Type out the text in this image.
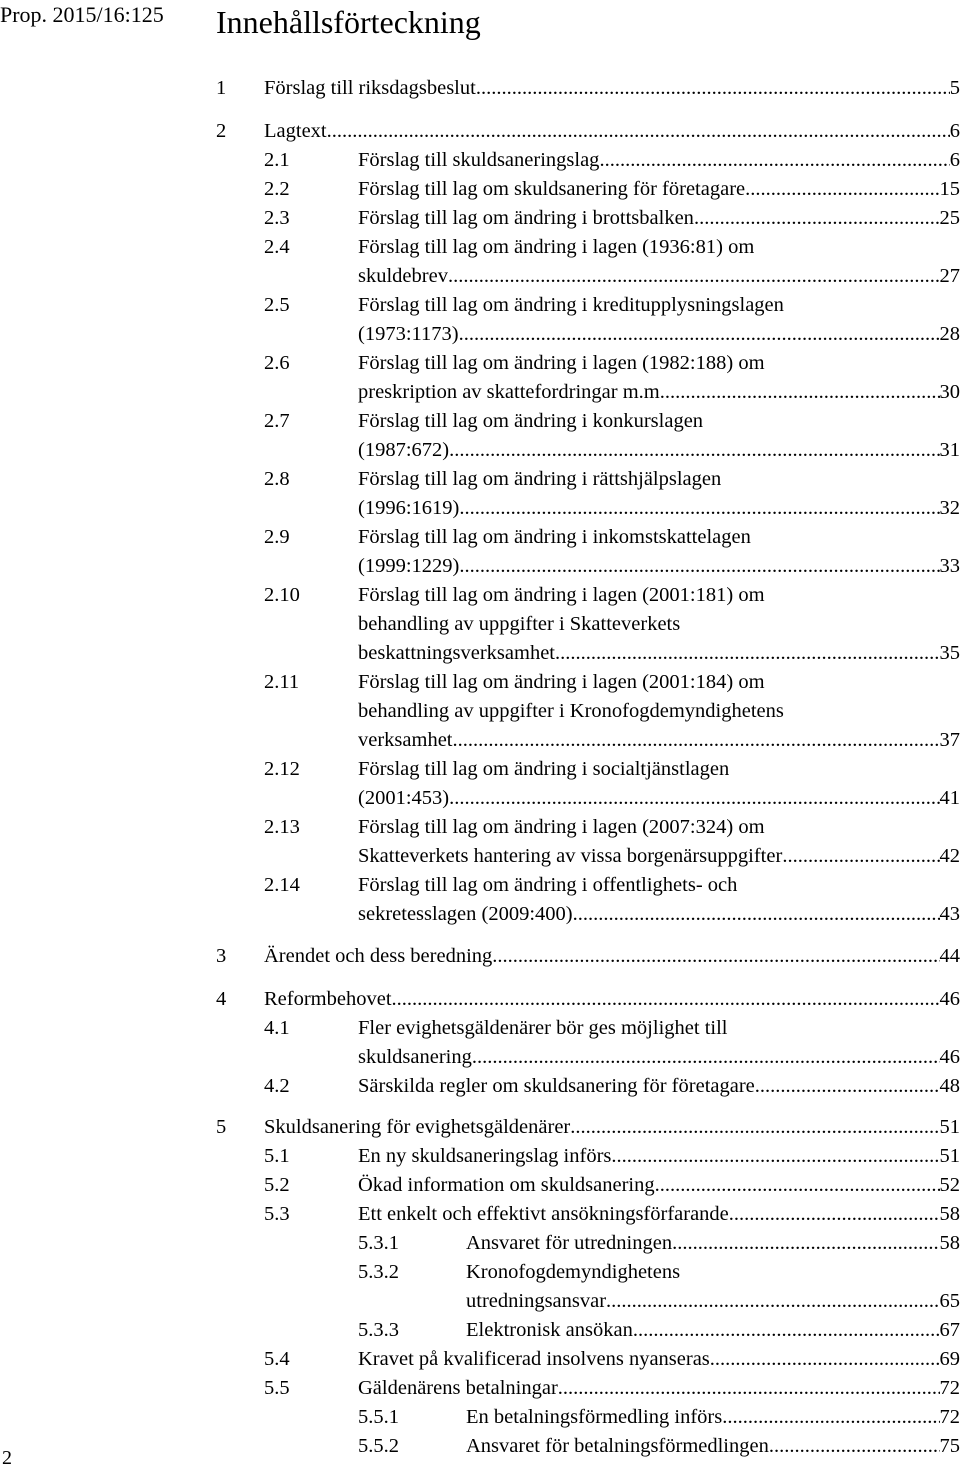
Prop. 2015/16:125 Innehållsförteckning
1 Förslag till riksdagsbeslut .....	5
2 Lagtext .....	6
2.1	Förslag till skuldsaneringslag .....	6
2.2	Förslag till lag om skuldsanering för företagare .....	15
2.3	Förslag till lag om ändring i brottsbalken .....	25
2.4	Förslag till lag om ändring i lagen (1936:81) om
skuldebrev .....	27
2.5	Förslag till lag om ändring i kreditupplysningslagen
(1973:1173) .....	28
2.6	Förslag till lag om ändring i lagen (1982:188) om
preskription av skattefordringar m.m. .....	30
2.7	Förslag till lag om ändring i konkurslagen
(1987:672) .....	31
2.8	Förslag till lag om ändring i rättshjälpslagen
(1996:1619) .....	32
2.9	Förslag till lag om ändring i inkomstskattelagen
(1999:1229) .....	33
2.10	Förslag till lag om ändring i lagen (2001:181) om
behandling av uppgifter i Skatteverkets
beskattningsverksamhet .....	35
2.11	Förslag till lag om ändring i lagen (2001:184) om
behandling av uppgifter i Kronofogdemyndighetens
verksamhet .....	37
2.12	Förslag till lag om ändring i socialtjänstlagen
(2001:453) .....	41
2.13	Förslag till lag om ändring i lagen (2007:324) om
Skatteverkets hantering av vissa borgenärsuppgifter .....	42
2.14	Förslag till lag om ändring i offentlighets- och
sekretesslagen (2009:400) .....	43
3 Ärendet och dess beredning .....	44
4 Reformbehovet .....	46
4.1	Fler evighetsgäldenärer bör ges möjlighet till
skuldsanering .....	46
4.2	Särskilda regler om skuldsanering för företagare .....	48
5 Skuldsanering för evighetsgäldenärer .....	51
5.1	En ny skuldsaneringslag införs .....	51
5.2	Ökad information om skuldsanering .....	52
5.3	Ett enkelt och effektivt ansökningsförfarande .....	58
5.3.1	Ansvaret för utredningen .....	58
5.3.2	Kronofogdemyndighetens
utredningsansvar .....	65
5.3.3	Elektronisk ansökan .....	67
5.4	Kravet på kvalificerad insolvens nyanseras .....	69
5.5	Gäldenärens betalningar .....	72
5.5.1	En betalningsförmedling införs .....	72
5.5.2	Ansvaret för betalningsförmedlingen .....	75
2
